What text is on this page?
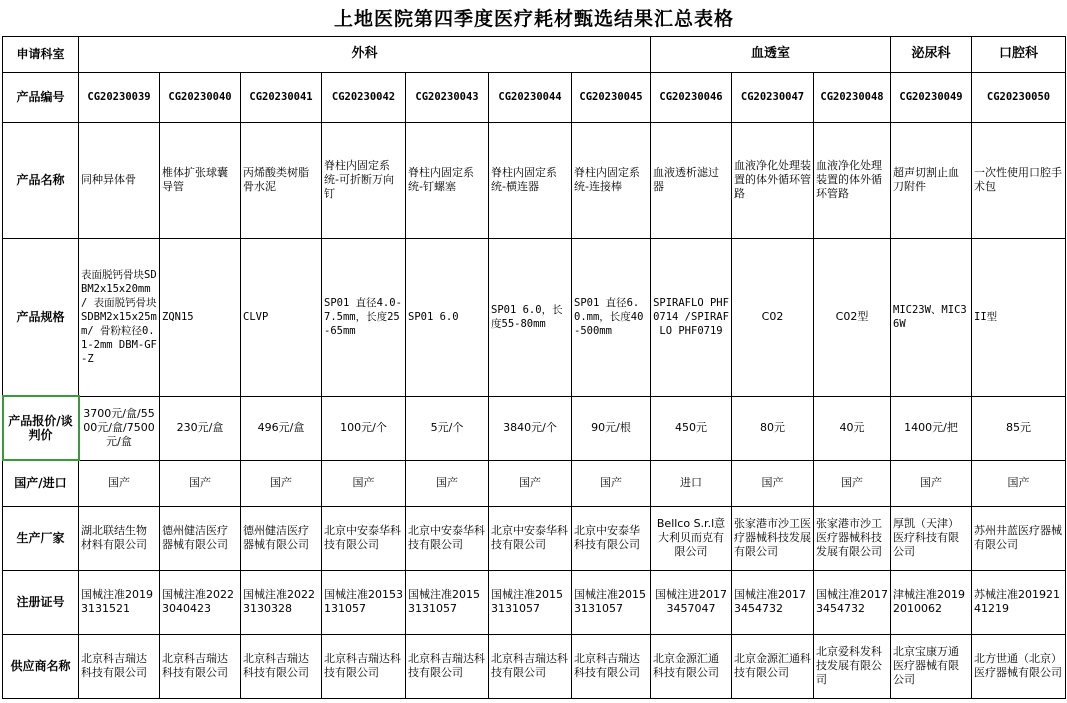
上地医院第四季度医疗耗材甄选结果汇总表格												
申请科室	外科							血透室			泌尿科	口腔科
产品编号	CG20230039	CG20230040	CG20230041	CG20230042	CG20230043	CG20230044	CG20230045	CG20230046	CG20230047	CG20230048	CG20230049	CG20230050
产品名称	同种异体骨	椎体扩张球囊导管	丙烯酸类树脂骨水泥	脊柱内固定系统-可折断万向钉	脊柱内固定系统-钉螺塞	脊柱内固定系统-横连器	脊柱内固定系统-连接棒	血液透析滤过器	血液净化处理装置的体外循环管路	血液净化处理装置的体外循环管路	超声切割止血刀附件	一次性使用口腔手术包
产品规格	表面脱钙骨块SDBM2x15x20mm / 表面脱钙骨块SDBM2x15x25mm/ 骨粉粒径0.1-2mm DBM-GF-Z	ZQN15	CLVP	SP01 直径4.0-7.5mm，长度25-65mm	SP01 6.0	SP01 6.0，长度55-80mm	SP01 直径6.0.mm，长度40-500mm	SPIRAFLO PHF0714 /SPIRAFLO PHF0719	C02	C02型	MIC23W、MIC36W	II型
产品报价/谈判价	3700元/盒/5500元/盒/7500元/盒	230元/盒	496元/盒	100元/个	5元/个	3840元/个	90元/根	450元	80元	40元	1400元/把	85元
国产/进口	国产	国产	国产	国产	国产	国产	国产	进口	国产	国产	国产	国产
生产厂家	湖北联结生物材料有限公司	德州健洁医疗器械有限公司	德州健洁医疗器械有限公司	北京中安泰华科技有限公司	北京中安泰华科技有限公司	北京中安泰华科技有限公司	北京中安泰华科技有限公司	Bellco S.r.l意大利贝而克有限公司	张家港市沙工医疗器械科技发展有限公司	张家港市沙工医疗器械科技发展有限公司	厚凯（天津）医疗科技有限公司	苏州井蓝医疗器械有限公司
注册证号	国械注准20193131521	国械注准20223040423	国械注准20223130328	国械注准20153131057	国械注准20153131057	国械注准20153131057	国械注准20153131057	国械注进20173457047	国械注准20173454732	国械注准20173454732	津械注准20192010062	苏械注准20192141219
供应商名称	北京科吉瑞达科技有限公司	北京科吉瑞达科技有限公司	北京科吉瑞达科技有限公司	北京科吉瑞达科技有限公司	北京科吉瑞达科技有限公司	北京科吉瑞达科技有限公司	北京科吉瑞达科技有限公司	北京金源汇通科技有限公司	北京金源汇通科技有限公司	北京爱科发科技发展有限公司	北京宝康万通医疗器械有限公司	北方世通（北京）医疗器械有限公司
